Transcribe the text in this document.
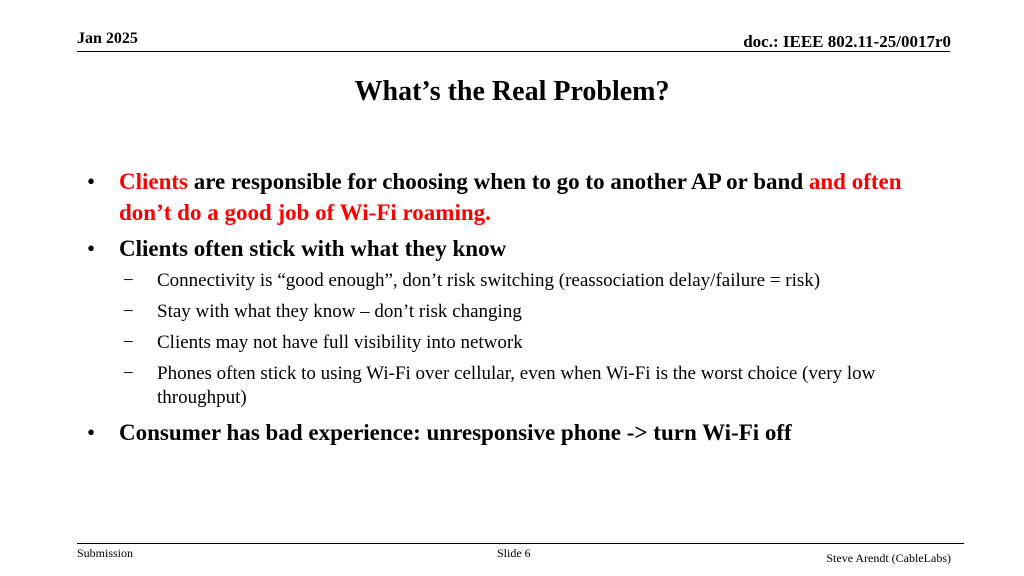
Jan 2025	doc.: IEEE 802.11-25/0017r0
What’s the Real Problem?
• Clients are responsible for choosing when to go to another AP or band and often don’t do a good job of Wi-Fi roaming.
• Clients often stick with what they know
− Connectivity is “good enough”, don’t risk switching (reassociation delay/failure = risk)
− Stay with what they know – don’t risk changing
− Clients may not have full visibility into network
− Phones often stick to using Wi-Fi over cellular, even when Wi-Fi is the worst choice (very low throughput)
• Consumer has bad experience: unresponsive phone -> turn Wi-Fi off
Submission	Slide 6	Steve Arendt (CableLabs)
